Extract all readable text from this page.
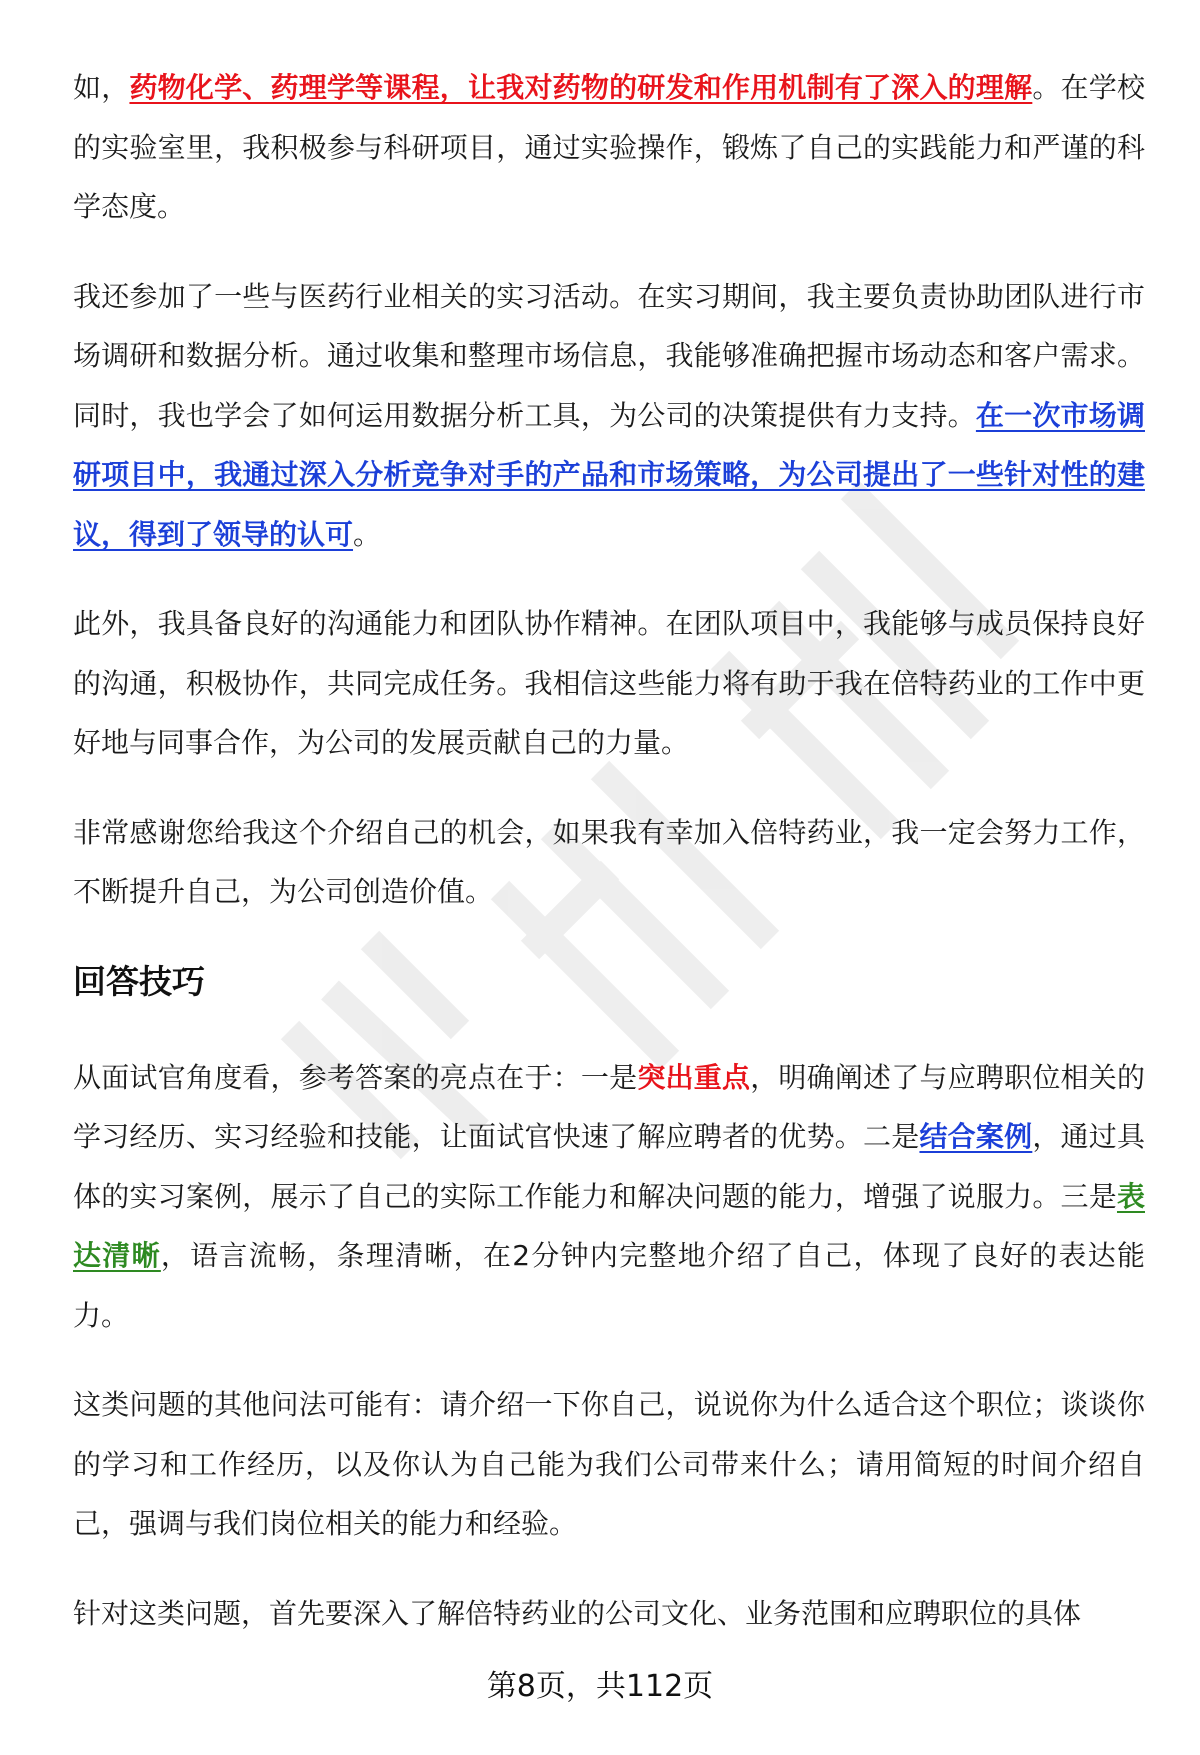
如，药物化学、药理学等课程，让我对药物的研发和作用机制有了深入的理解。在学校的实验室里，我积极参与科研项目，通过实验操作，锻炼了自己的实践能力和严谨的科学态度。

我还参加了一些与医药行业相关的实习活动。在实习期间，我主要负责协助团队进行市场调研和数据分析。通过收集和整理市场信息，我能够准确把握市场动态和客户需求。同时，我也学会了如何运用数据分析工具，为公司的决策提供有力支持。在一次市场调研项目中，我通过深入分析竞争对手的产品和市场策略，为公司提出了一些针对性的建议，得到了领导的认可。

此外，我具备良好的沟通能力和团队协作精神。在团队项目中，我能够与成员保持良好的沟通，积极协作，共同完成任务。我相信这些能力将有助于我在倍特药业的工作中更好地与同事合作，为公司的发展贡献自己的力量。

非常感谢您给我这个介绍自己的机会，如果我有幸加入倍特药业，我一定会努力工作，不断提升自己，为公司创造价值。

回答技巧

从面试官角度看，参考答案的亮点在于：一是突出重点，明确阐述了与应聘职位相关的学习经历、实习经验和技能，让面试官快速了解应聘者的优势。二是结合案例，通过具体的实习案例，展示了自己的实际工作能力和解决问题的能力，增强了说服力。三是表达清晰，语言流畅，条理清晰，在2分钟内完整地介绍了自己，体现了良好的表达能力。

这类问题的其他问法可能有：请介绍一下你自己，说说你为什么适合这个职位；谈谈你的学习和工作经历，以及你认为自己能为我们公司带来什么；请用简短的时间介绍自己，强调与我们岗位相关的能力和经验。

针对这类问题，首先要深入了解倍特药业的公司文化、业务范围和应聘职位的具体

第8页，共112页
